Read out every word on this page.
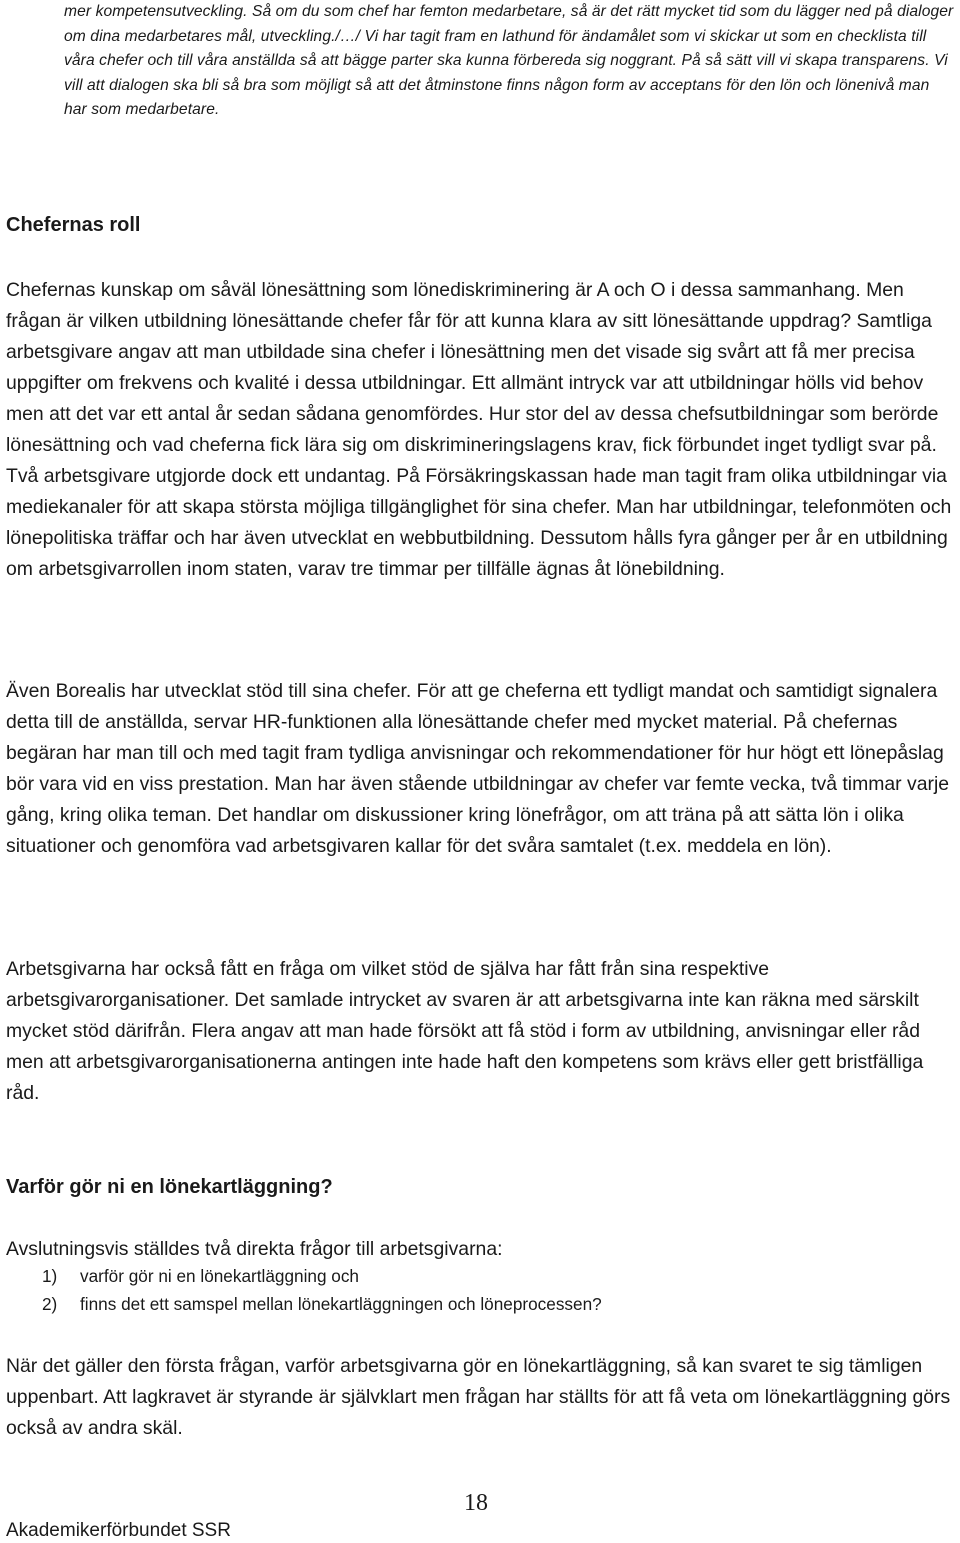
mer kompetensutveckling. Så om du som chef har femton medarbetare, så är det rätt mycket tid som du lägger ned på dialoger om dina medarbetares mål, utveckling./…/ Vi har tagit fram en lathund för ändamålet som vi skickar ut som en checklista till våra chefer och till våra anställda så att bägge parter ska kunna förbereda sig noggrant. På så sätt vill vi skapa transparens. Vi vill att dialogen ska bli så bra som möjligt så att det åtminstone finns någon form av acceptans för den lön och lönenivå man har som medarbetare.

Chefernas roll

Chefernas kunskap om såväl lönesättning som lönediskriminering är A och O i dessa sammanhang. Men frågan är vilken utbildning lönesättande chefer får för att kunna klara av sitt lönesättande uppdrag? Samtliga arbetsgivare angav att man utbildade sina chefer i lönesättning men det visade sig svårt att få mer precisa uppgifter om frekvens och kvalité i dessa utbildningar. Ett allmänt intryck var att utbildningar hölls vid behov men att det var ett antal år sedan sådana genomfördes. Hur stor del av dessa chefsutbildningar som berörde lönesättning och vad cheferna fick lära sig om diskrimineringslagens krav, fick förbundet inget tydligt svar på. Två arbetsgivare utgjorde dock ett undantag. På Försäkringskassan hade man tagit fram olika utbildningar via mediekanaler för att skapa största möjliga tillgänglighet för sina chefer. Man har utbildningar, telefonmöten och lönepolitiska träffar och har även utvecklat en webbutbildning. Dessutom hålls fyra gånger per år en utbildning om arbetsgivarrollen inom staten, varav tre timmar per tillfälle ägnas åt lönebildning.

Även Borealis har utvecklat stöd till sina chefer. För att ge cheferna ett tydligt mandat och samtidigt signalera detta till de anställda, servar HR-funktionen alla lönesättande chefer med mycket material. På chefernas begäran har man till och med tagit fram tydliga anvisningar och rekommendationer för hur högt ett lönepåslag bör vara vid en viss prestation. Man har även stående utbildningar av chefer var femte vecka, två timmar varje gång, kring olika teman. Det handlar om diskussioner kring lönefrågor, om att träna på att sätta lön i olika situationer och genomföra vad arbetsgivaren kallar för det svåra samtalet (t.ex. meddela en lön).

Arbetsgivarna har också fått en fråga om vilket stöd de själva har fått från sina respektive arbetsgivarorganisationer. Det samlade intrycket av svaren är att arbetsgivarna inte kan räkna med särskilt mycket stöd därifrån. Flera angav att man hade försökt att få stöd i form av utbildning, anvisningar eller råd men att arbetsgivarorganisationerna antingen inte hade haft den kompetens som krävs eller gett bristfälliga råd.

Varför gör ni en lönekartläggning?

Avslutningsvis ställdes två direkta frågor till arbetsgivarna:

1)	varför gör ni en lönekartläggning och
2)	finns det ett samspel mellan lönekartläggningen och löneprocessen?

När det gäller den första frågan, varför arbetsgivarna gör en lönekartläggning, så kan svaret te sig tämligen uppenbart. Att lagkravet är styrande är självklart men frågan har ställts för att få veta om lönekartläggning görs också av andra skäl.

18
Akademikerförbundet SSR
